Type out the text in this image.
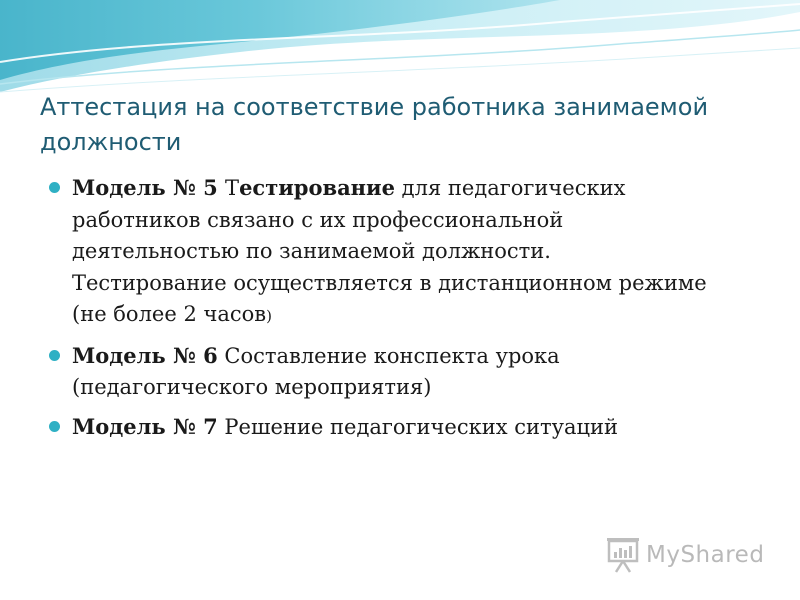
Аттестация на соответствие работника занимаемой должности
Модель № 5 Тестирование для педагогических работников связано с их профессиональной деятельностью по занимаемой должности. Тестирование осуществляется в дистанционном режиме (не более 2 часов)
Модель № 6 Составление конспекта урока (педагогического мероприятия)
Модель № 7 Решение педагогических ситуаций
MyShared
